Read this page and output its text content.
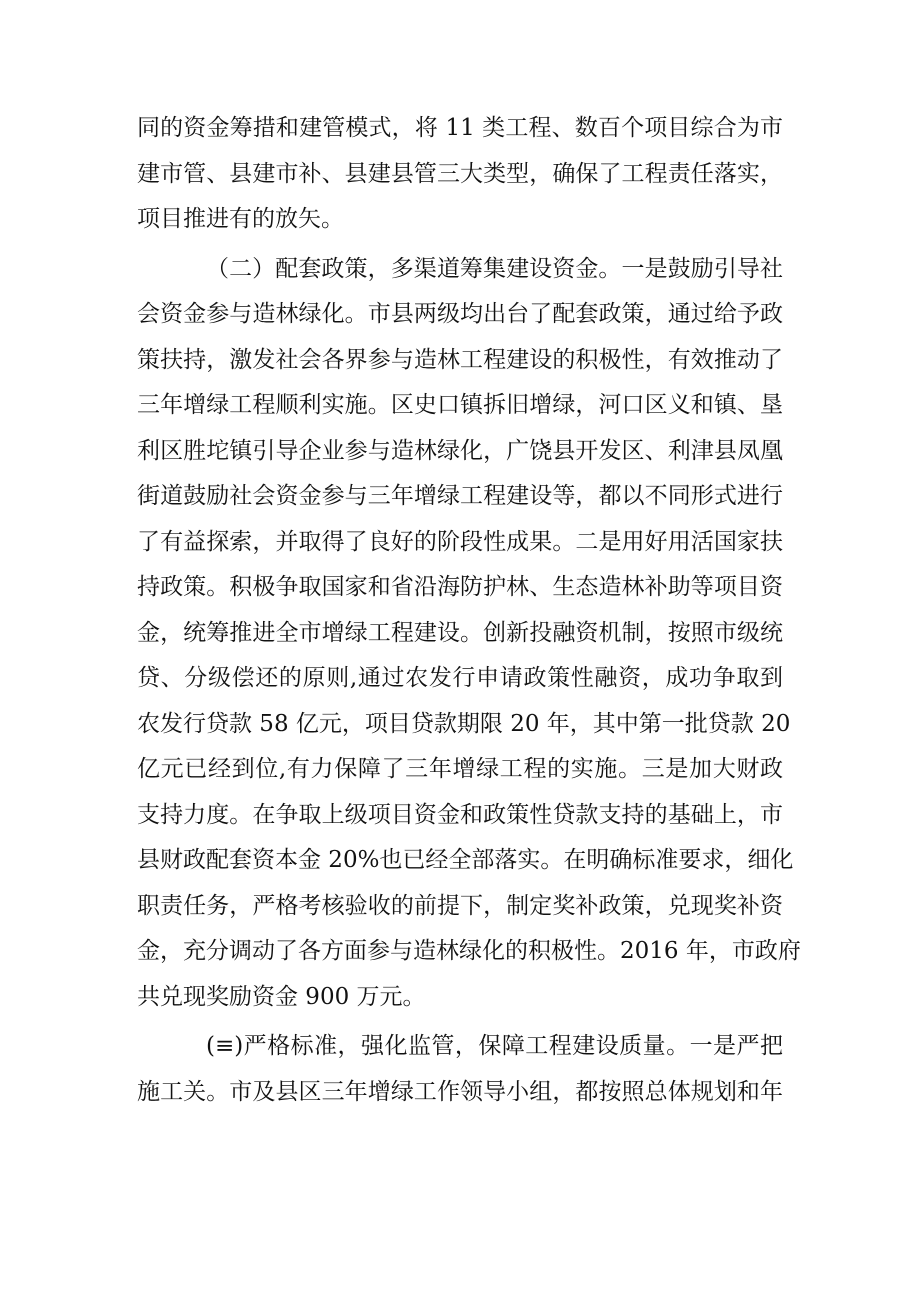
同的资金筹措和建管模式，将 11 类工程、数百个项目综合为市
建市管、县建市补、县建县管三大类型，确保了工程责任落实，
项目推进有的放矢。
（二）配套政策，多渠道筹集建设资金。一是鼓励引导社
会资金参与造林绿化。市县两级均出台了配套政策，通过给予政
策扶持，激发社会各界参与造林工程建设的积极性，有效推动了
三年增绿工程顺利实施。区史口镇拆旧增绿，河口区义和镇、垦
利区胜坨镇引导企业参与造林绿化，广饶县开发区、利津县凤凰
街道鼓励社会资金参与三年增绿工程建设等，都以不同形式进行
了有益探索，并取得了良好的阶段性成果。二是用好用活国家扶
持政策。积极争取国家和省沿海防护林、生态造林补助等项目资
金，统筹推进全市增绿工程建设。创新投融资机制，按照市级统
贷、分级偿还的原则,通过农发行申请政策性融资，成功争取到
农发行贷款 58 亿元，项目贷款期限 20 年，其中第一批贷款 20
亿元已经到位,有力保障了三年增绿工程的实施。三是加大财政
支持力度。在争取上级项目资金和政策性贷款支持的基础上，市
县财政配套资本金 20%也已经全部落实。在明确标准要求，细化
职责任务，严格考核验收的前提下，制定奖补政策，兑现奖补资
金，充分调动了各方面参与造林绿化的积极性。2016 年，市政府
共兑现奖励资金 900 万元。
(≡)严格标准，强化监管，保障工程建设质量。一是严把
施工关。市及县区三年增绿工作领导小组，都按照总体规划和年
